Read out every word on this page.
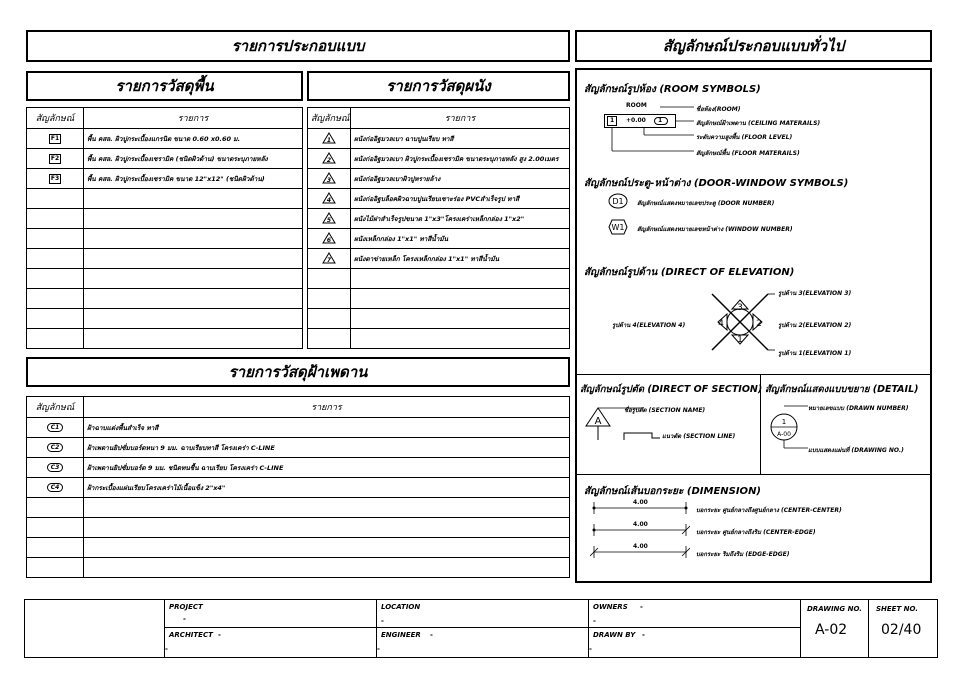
รายการประกอบแบบ	สัญลักษณ์ประกอบแบบทั่วไป
รายการวัสดุพื้น
สัญลักษณ์	รายการ
F1	พื้น คสล. ผิวปูกระเบื้องแกรนิต ขนาด 0.60 x0.60 ม.
F2	พื้น คสล. ผิวปูกระเบื้องเซรามิค (ชนิดผิวด้าน) ขนาดระบุภายหลัง
F3	พื้น คสล. ผิวปูกระเบื้องเซรามิค ขนาด 12"x12" (ชนิดผิวด้าน)

รายการวัสดุผนัง
สัญลักษณ์	รายการ

1	ผนังก่ออิฐมวลเบา ฉาบปูนเรียบ ทาสี

2	ผนังก่ออิฐมวลเบา ผิวปูกระเบื้องเซรามิค ขนาดระบุภายหลัง สูง 2.00เมตร

3	ผนังก่ออิฐมวลเบาผิวปูหรายล้าง

4	ผนังก่ออิฐบล็อคผิวฉาบปูนเรียบเซาะร่อง PVCสำเร็จรูป ทาสี

5	ผนังไม้ฝาสำเร็จรูปขนาด 1"x3"โครงเคร่าเหล็กกล่อง 1"x2"

6	ผนังเหล็กกล่อง 1"x1" ทาสีน้ำมัน

7	ผนังตาข่ายเหล็ก โครงเหล็กกล่อง 1"x1" ทาสีน้ำมัน

รายการวัสดุฝ้าเพดาน
สัญลักษณ์	รายการ
C1	ฝ้าฉาบแต่งพื้นสำเร็จ ทาสี
C2	ฝ้าเพดานยิปซั่มบอร์ดหนา 9 มม. ฉาบเรียบทาสี โครงเคร่า C-LINE
C3	ฝ้าเพดานยิปซั่มบอร์ด 9 มม. ชนิดทนชื้น ฉาบเรียบ โครงเคร่า C-LINE
C4	ฝ้ากระเบื้องแผ่นเรียบโครงเคร่าไม้เนื้อแข็ง 2"x4"

สัญลักษณ์รูปห้อง (ROOM SYMBOLS)
ROOM
1 +0.00 1
ชื่อห้อง(ROOM)
สัญลักษณ์ฝ้าเพดาน (CEILING MATERAILS)
ระดับความสูงพื้น (FLOOR LEVEL)
สัญลักษณ์พื้น (FLOOR MATERAILS)
สัญลักษณ์ประตู-หน้าต่าง (DOOR-WINDOW SYMBOLS)
D1 สัญลักษณ์แสดงหมายเลขประตู (DOOR NUMBER)
W1 สัญลักษณ์แสดงหมายเลขหน้าต่าง (WINDOW NUMBER)
สัญลักษณ์รูปด้าน (DIRECT OF ELEVATION)
3
1
4	2
รูปด้าน 3(ELEVATION 3)
รูปด้าน 2(ELEVATION 2)
รูปด้าน 1(ELEVATION 1)
รูปด้าน 4(ELEVATION 4)
สัญลักษณ์รูปตัด (DIRECT OF SECTION)
A
ชื่อรูปตัด (SECTION NAME)
แนวตัด (SECTION LINE)
สัญลักษณ์แสดงแบบขยาย (DETAIL)
1
A-00
หมายเลขแบบ (DRAWN NUMBER)
แบบแสดงแผ่นที่ (DRAWING NO.)
สัญลักษณ์เส้นบอกระยะ (DIMENSION)
4.00
4.00
4.00
บอกระยะ ศูนย์กลางถึงศูนย์กลาง (CENTER-CENTER)
บอกระยะ ศูนย์กลางถึงริม (CENTER-EDGE)
บอกระยะ ริมถึงริม (EDGE-EDGE)
PROJECT
-
LOCATION
-
OWNERS -
-
ARCHITECT -
-
ENGINEER -
-
DRAWN BY -
-
DRAWING NO.
A-02
SHEET NO.
02/40
